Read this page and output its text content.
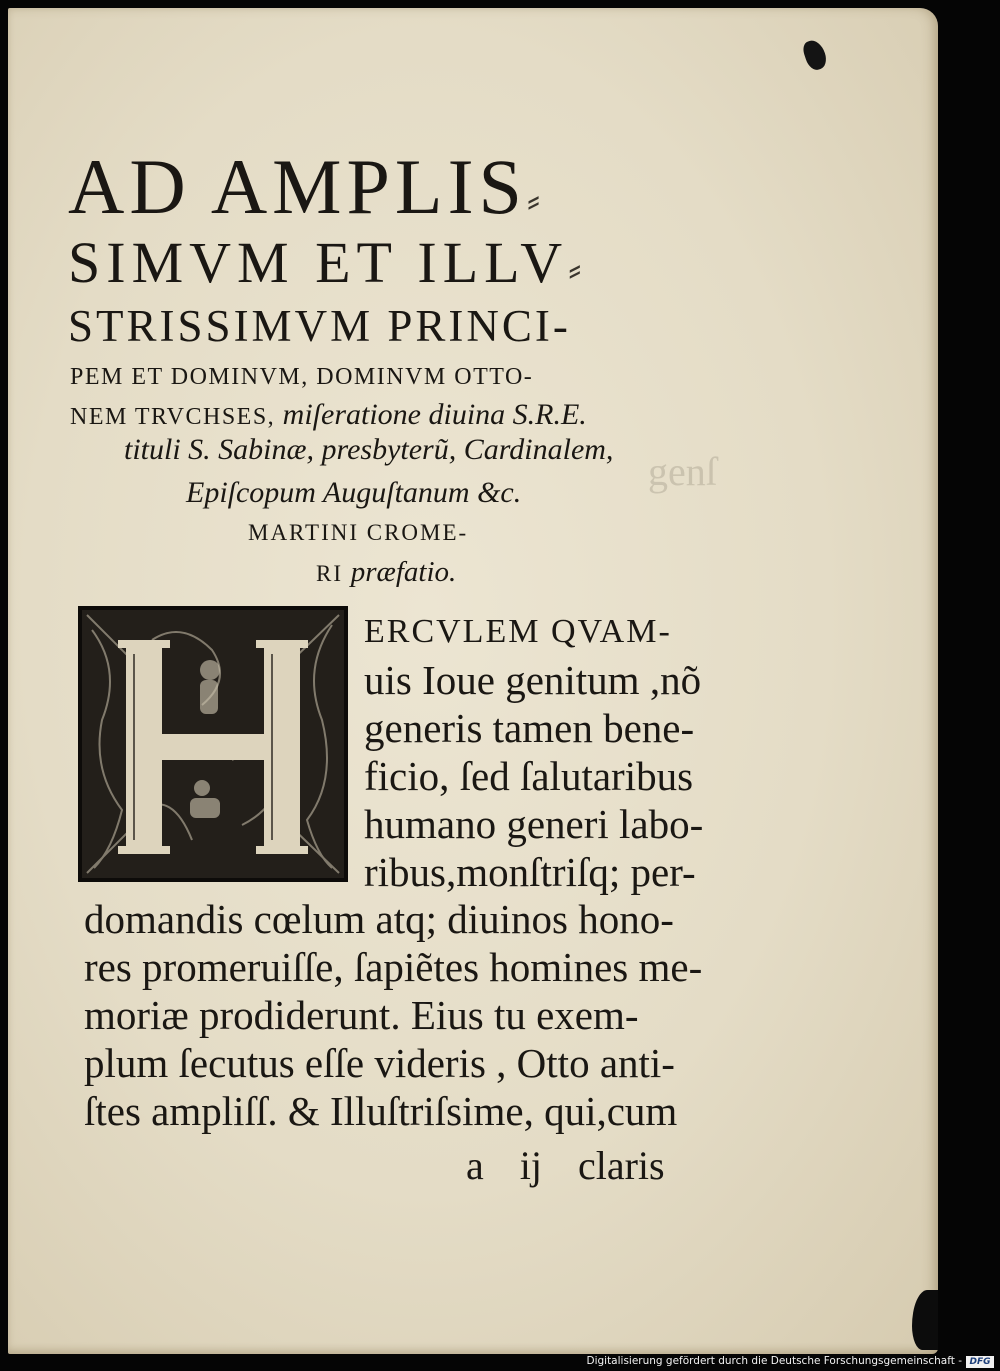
AD AMPLIS⸗
SIMVM ET ILLV⸗
STRISSIMVM PRINCI-
PEM ET DOMINVM, DOMINVM OTTO-
NEM TRVCHSES, miſeratione diuina S.R.E.
tituli S. Sabinæ, presbyterũ, Cardinalem,
Epiſcopum Auguſtanum &c.
MARTINI CROME-
RI præfatio.
genſ
ERCVLEM QVAM-
uis Ioue genitum ,nõ
generis tamen bene-
ficio, ſed ſalutaribus
humano generi labo-
ribus,monſtriſq; per-
domandis cœlum atq; diuinos hono-
res promeruiſſe, ſapiẽtes homines me-
moriæ prodiderunt. Eius tu exem-
plum ſecutus eſſe videris , Otto anti-
ſtes ampliſſ. & Illuſtriſsime, qui,cum
a ij claris
Digitalisierung gefördert durch die Deutsche Forschungsgemeinschaft - DFG
